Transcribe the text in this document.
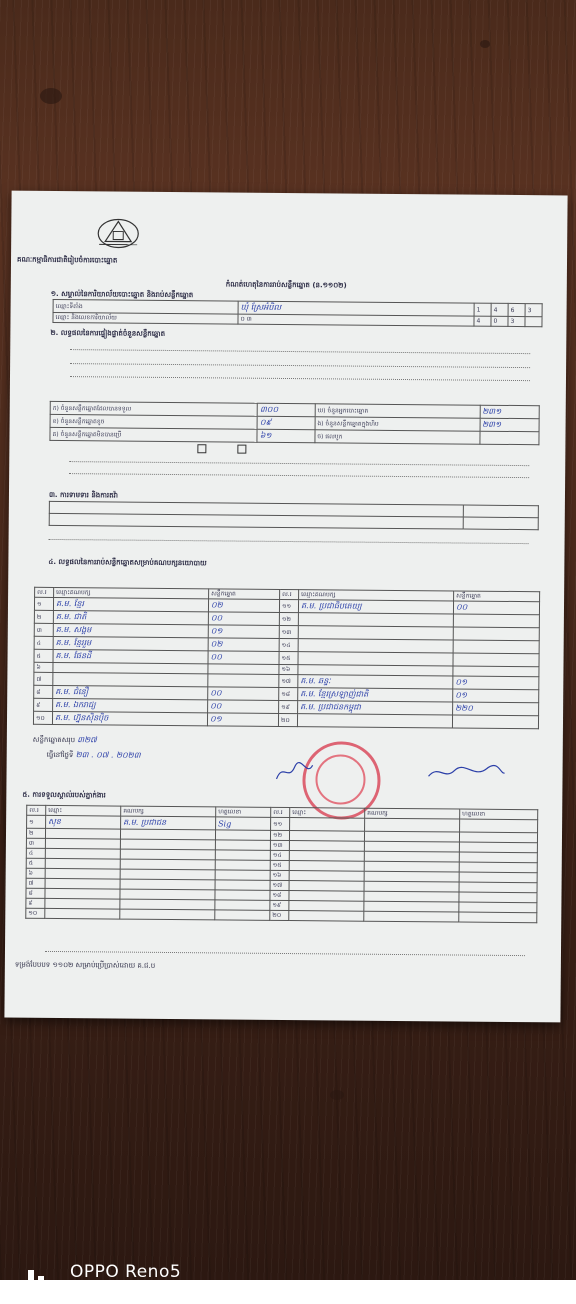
គណៈកម្មាធិការជាតិរៀបចំការបោះឆ្នោត
កំណត់ហេតុនៃការរាប់សន្លឹកឆ្នោត (ន.១១០២)
១. សម្គាល់នៃការិយាល័យបោះឆ្នោត និងរាប់សន្លឹកឆ្នោត
ឈ្មោះទីតាំង	ឃុំ ស្រែអំបិល	1	4	6	3
ឈ្មោះ និងលេខការិយាល័យ	០ ៣	4	0	3	
២. លទ្ធផលនៃការផ្ទៀងផ្ទាត់ចំនួនសន្លឹកឆ្នោត
ក) ចំនួនសន្លឹកឆ្នោតដែលបានទទួល	៣០០	ឃ) ចំនួនអ្នកបោះឆ្នោត	២៣១
ខ) ចំនួនសន្លឹកឆ្នោតខូច	០៩	ង) ចំនួនសន្លឹកឆ្នោតក្នុងហិប	២៣១
គ) ចំនួនសន្លឹកឆ្នោតមិនបានប្រើ	៦១	ច) ផលបូក	
៣. ការទាមទារ និងការតវ៉ា

៤. លទ្ធផលនៃការរាប់សន្លឹកឆ្នោតសម្រាប់គណបក្សនយោបាយ
ល.រ	ឈ្មោះគណបក្ស	សន្លឹកឆ្នោត	ល.រ	ឈ្មោះគណបក្ស	សន្លឹកឆ្នោត
១	គ.ម. ខ្មែរ	០២	១១	គ.ម. ប្រជាធិបតេយ្យ	០០
២	គ.ម. ជាតិ	០០	១២		
៣	គ.ម. សង្គម	០១	១៣		
៤	គ.ម. ខ្មែររួម	០២	១៤		
៥	គ.ម. ផែនដី	០០	១៥		
៦			១៦		
៧			១៧	គ.ម. ឆន្ទៈ	០១
៨	គ.ម. ជំនឿ	០០	១៨	គ.ម. ខ្មែរស្រឡាញ់ជាតិ	០១
៩	គ.ម. ឯករាជ្យ	០០	១៩	គ.ម. ប្រជាជនកម្ពុជា	២២០
១០	គ.ម. ហ្វ៊ុនស៊ិនប៉ិច	០១	២០		
សន្លឹកឆ្នោតសរុប ៣២៧
ធ្វើនៅថ្ងៃទី ២៣ . ០៧ . ២០២៣
៥. ការទទួលស្គាល់របស់ភ្នាក់ងារ
ល.រ	ឈ្មោះ	គណបក្ស	ហត្ថលេខា	ល.រ	ឈ្មោះ	គណបក្ស	ហត្ថលេខា
១	សុខ	គ.ម. ប្រជាជន	Sig	១១			
២				១២			
៣				១៣			
៤				១៤			
៥				១៥			
៦				១៦			
៧				១៧			
៨				១៨			
៩				១៩			
១០				២០			
ទម្រង់បែបបទ ១១០២ សម្រាប់ប្រើប្រាស់ដោយ គ.ជ.ប
OPPO Reno5
2023.07.23 16:01
